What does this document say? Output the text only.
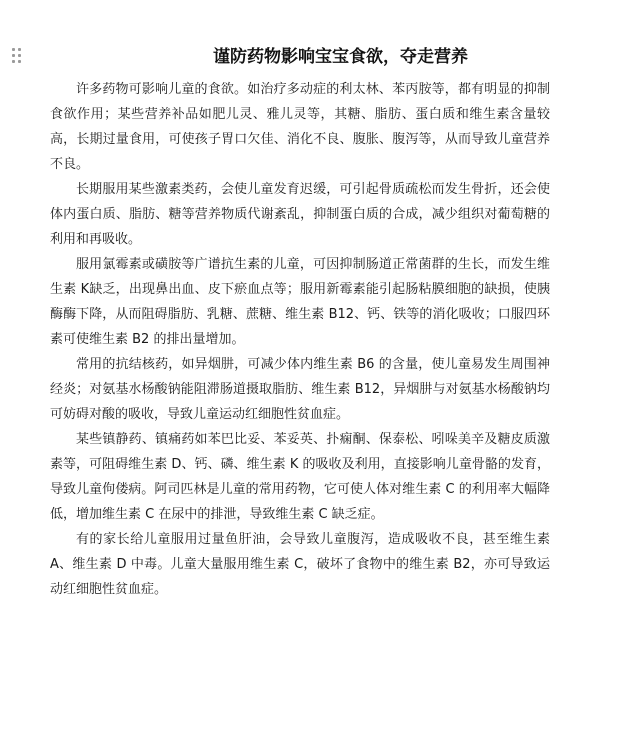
谨防药物影响宝宝食欲，夺走营养

许多药物可影响儿童的食欲。如治疗多动症的利太林、苯丙胺等，都有明显的抑制食欲作用；某些营养补品如肥儿灵、雅儿灵等，其糖、脂肪、蛋白质和维生素含量较高，长期过量食用，可使孩子胃口欠佳、消化不良、腹胀、腹泻等，从而导致儿童营养不良。

长期服用某些激素类药，会使儿童发育迟缓，可引起骨质疏松而发生骨折，还会使体内蛋白质、脂肪、糖等营养物质代谢紊乱，抑制蛋白质的合成，减少组织对葡萄糖的利用和再吸收。

服用氯霉素或磺胺等广谱抗生素的儿童，可因抑制肠道正常菌群的生长，而发生维生素 K缺乏，出现鼻出血、皮下瘀血点等；服用新霉素能引起肠粘膜细胞的缺损，使胰酶酶下降，从而阻碍脂肪、乳糖、蔗糖、维生素 B12、钙、铁等的消化吸收；口服四环素可使维生素 B2 的排出量增加。

常用的抗结核药，如异烟肼，可减少体内维生素 B6 的含量，使儿童易发生周围神经炎；对氨基水杨酸钠能阻滞肠道摄取脂肪、维生素 B12，异烟肼与对氨基水杨酸钠均可妨碍对酸的吸收，导致儿童运动红细胞性贫血症。

某些镇静药、镇痛药如苯巴比妥、苯妥英、扑痫酮、保泰松、吲哚美辛及糖皮质激素等，可阻碍维生素 D、钙、磷、维生素 K 的吸收及利用，直接影响儿童骨骼的发育，导致儿童佝偻病。阿司匹林是儿童的常用药物，它可使人体对维生素 C 的利用率大幅降低，增加维生素 C 在尿中的排泄，导致维生素 C 缺乏症。

有的家长给儿童服用过量鱼肝油，会导致儿童腹泻，造成吸收不良，甚至维生素 A、维生素 D 中毒。儿童大量服用维生素 C，破坏了食物中的维生素 B2，亦可导致运动红细胞性贫血症。
